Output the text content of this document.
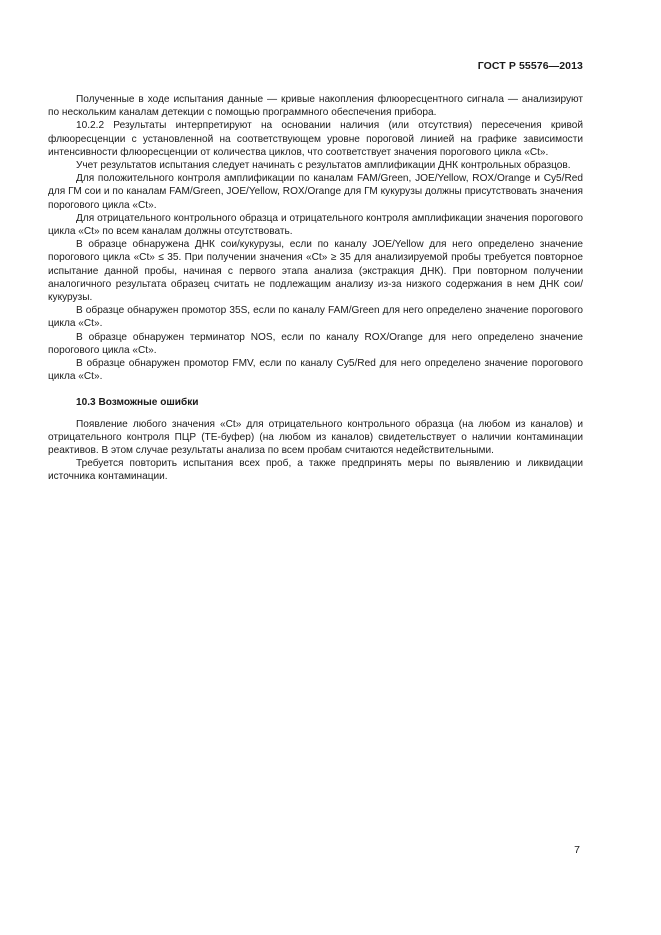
ГОСТ Р 55576—2013

Полученные в ходе испытания данные — кривые накопления флюоресцентного сигнала — анализируют по нескольким каналам детекции с помощью программного обеспечения прибора.

10.2.2 Результаты интерпретируют на основании наличия (или отсутствия) пересечения кривой флюоресценции с установленной на соответствующем уровне пороговой линией на графике зависимости интенсивности флюоресценции от количества циклов, что соответствует значения порогового цикла «Ct».

Учет результатов испытания следует начинать с результатов амплификации ДНК контрольных образцов.

Для положительного контроля амплификации по каналам FAM/Green, JOE/Yellow, ROX/Orange и Cy5/Red для ГМ сои и по каналам FAM/Green, JOE/Yellow, ROX/Orange для ГМ кукурузы должны присутствовать значения порогового цикла «Ct».

Для отрицательного контрольного образца и отрицательного контроля амплификации значения порогового цикла «Ct» по всем каналам должны отсутствовать.

В образце обнаружена ДНК сои/кукурузы, если по каналу JOE/Yellow для него определено значение порогового цикла «Ct» ≤ 35. При получении значения «Ct» ≥ 35 для анализируемой пробы требуется повторное испытание данной пробы, начиная с первого этапа анализа (экстракция ДНК). При повторном получении аналогичного результата образец считать не подлежащим анализу из-за низкого содержания в нем ДНК сои/кукурузы.

В образце обнаружен промотор 35S, если по каналу FAM/Green для него определено значение порогового цикла «Ct».

В образце обнаружен терминатор NOS, если по каналу ROX/Orange для него определено значение порогового цикла «Ct».

В образце обнаружен промотор FMV, если по каналу Cy5/Red для него определено значение порогового цикла «Ct».

10.3 Возможные ошибки

Появление любого значения «Ct» для отрицательного контрольного образца (на любом из каналов) и отрицательного контроля ПЦР (TE-буфер) (на любом из каналов) свидетельствует о наличии контаминации реактивов. В этом случае результаты анализа по всем пробам считаются недействительными.

Требуется повторить испытания всех проб, а также предпринять меры по выявлению и ликвидации источника контаминации.

7
